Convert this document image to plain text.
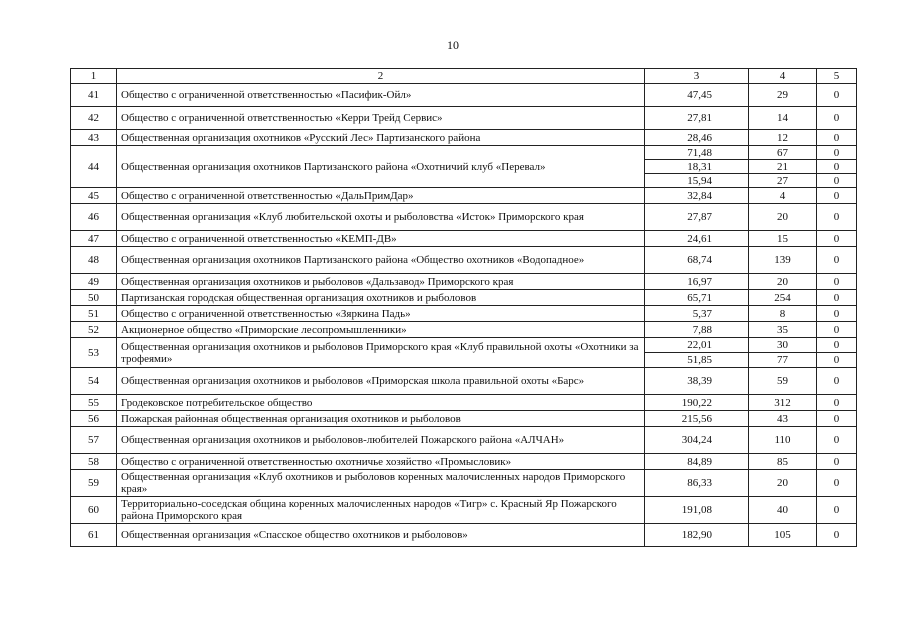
10
1	2	3	4	5
41	Общество с ограниченной ответственностью «Пасифик-Ойл»	47,45	29	0
42	Общество с ограниченной ответственностью «Керри Трейд Сервис»	27,81	14	0
43	Общественная организация охотников «Русский Лес» Партизанского района	28,46	12	0
44	Общественная организация охотников Партизанского района «Охотничий клуб «Перевал»	71,48	67	0
		18,31	21	0
		15,94	27	0
45	Общество с ограниченной ответственностью «ДальПримДар»	32,84	4	0
46	Общественная организация «Клуб любительской охоты и рыболовства «Исток» Приморского края	27,87	20	0
47	Общество с ограниченной ответственностью «КЕМП-ДВ»	24,61	15	0
48	Общественная организация охотников Партизанского района «Общество охотников «Водопадное»	68,74	139	0
49	Общественная организация охотников и рыболовов «Дальзавод» Приморского края	16,97	20	0
50	Партизанская городская общественная организация охотников и рыболовов	65,71	254	0
51	Общество с ограниченной ответственностью «Зяркина Падь»	5,37	8	0
52	Акционерное общество «Приморские лесопромышленники»	7,88	35	0
53	Общественная организация охотников и рыболовов Приморского края «Клуб правильной охоты «Охотники за трофеями»	22,01	30	0
		51,85	77	0
54	Общественная организация охотников и рыболовов «Приморская школа правильной охоты «Барс»	38,39	59	0
55	Гродековское потребительское общество	190,22	312	0
56	Пожарская районная общественная организация охотников и рыболовов	215,56	43	0
57	Общественная организация охотников и рыболовов-любителей Пожарского района «АЛЧАН»	304,24	110	0
58	Общество с ограниченной ответственностью охотничье хозяйство «Промысловик»	84,89	85	0
59	Общественная организация «Клуб охотников и рыболовов коренных малочисленных народов Приморского края»	86,33	20	0
60	Территориально-соседская община коренных малочисленных народов «Тигр» с. Красный Яр Пожарского района Приморского края	191,08	40	0
61	Общественная организация «Спасское общество охотников и рыболовов»	182,90	105	0
